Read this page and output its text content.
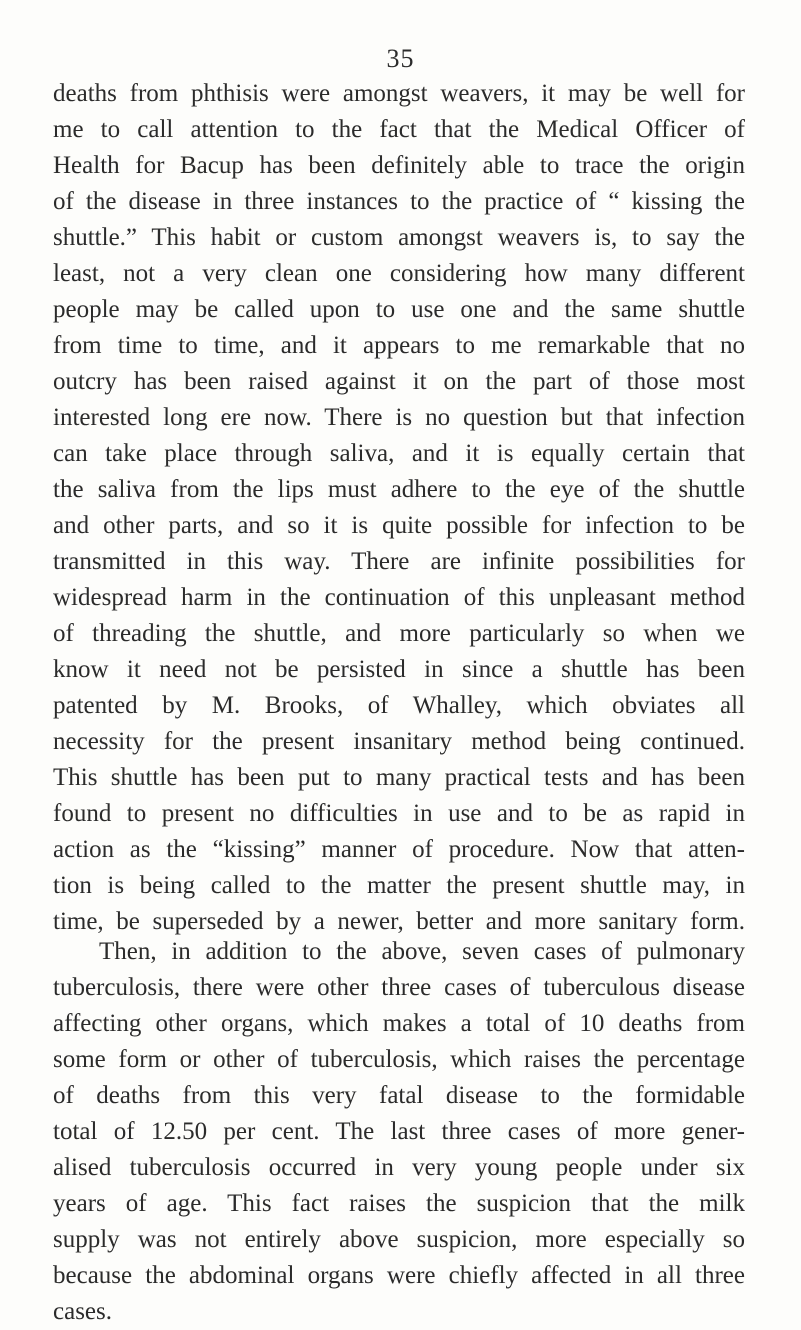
35
deaths from phthisis were amongst weavers, it may be well for
me to call attention to the fact that the Medical Officer of
Health for Bacup has been definitely able to trace the origin
of the disease in three instances to the practice of “ kissing the
shuttle.” This habit or custom amongst weavers is, to say the
least, not a very clean one considering how many different
people may be called upon to use one and the same shuttle
from time to time, and it appears to me remarkable that no
outcry has been raised against it on the part of those most
interested long ere now. There is no question but that infection
can take place through saliva, and it is equally certain that
the saliva from the lips must adhere to the eye of the shuttle
and other parts, and so it is quite possible for infection to be
transmitted in this way. There are infinite possibilities for
widespread harm in the continuation of this unpleasant method
of threading the shuttle, and more particularly so when we
know it need not be persisted in since a shuttle has been
patented by M. Brooks, of Whalley, which obviates all
necessity for the present insanitary method being continued.
This shuttle has been put to many practical tests and has been
found to present no difficulties in use and to be as rapid in
action as the “kissing” manner of procedure. Now that atten-
tion is being called to the matter the present shuttle may, in
time, be superseded by a newer, better and more sanitary form.
Then, in addition to the above, seven cases of pulmonary
tuberculosis, there were other three cases of tuberculous disease
affecting other organs, which makes a total of 10 deaths from
some form or other of tuberculosis, which raises the percentage
of deaths from this very fatal disease to the formidable
total of 12.50 per cent. The last three cases of more gener-
alised tuberculosis occurred in very young people under six
years of age. This fact raises the suspicion that the milk
supply was not entirely above suspicion, more especially so
because the abdominal organs were chiefly affected in all three
cases.
